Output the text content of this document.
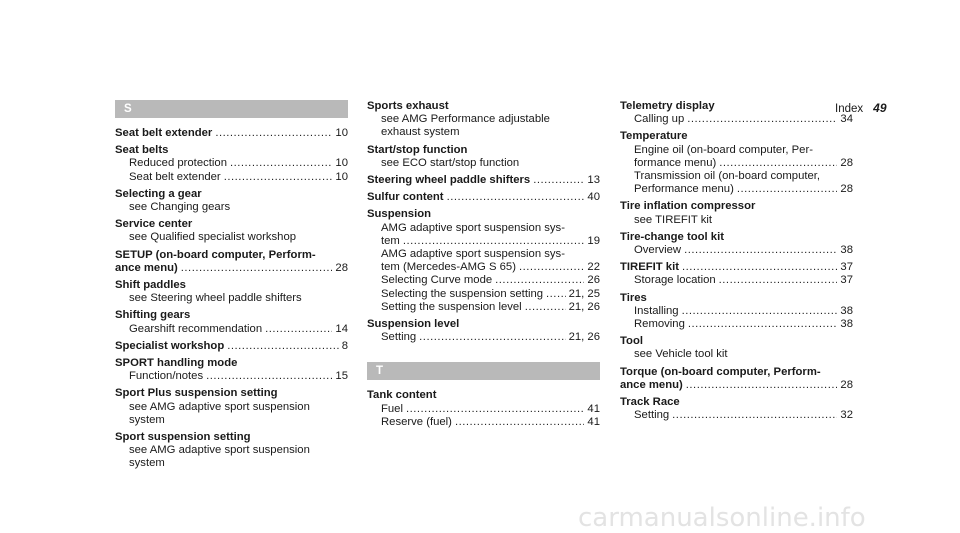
Index 49
S
Seat belt extender .....	10
Seat belts
Reduced protection .....	10
Seat belt extender .....	10
Selecting a gear
see Changing gears
Service center
see Qualified specialist workshop
SETUP (on-board computer, Perform-
ance menu) .....	28
Shift paddles
see Steering wheel paddle shifters
Shifting gears
Gearshift recommendation .....	14
Specialist workshop .....	8
SPORT handling mode
Function/notes .....	15
Sport Plus suspension setting
see AMG adaptive sport suspension system
Sport suspension setting
see AMG adaptive sport suspension system
Sports exhaust
see AMG Performance adjustable
exhaust system
Start/stop function
see ECO start/stop function
Steering wheel paddle shifters .....	13
Sulfur content .....	40
Suspension
AMG adaptive sport suspension sys-
tem .....	19
AMG adaptive sport suspension sys-
tem (Mercedes-AMG S 65) .....	22
Selecting Curve mode .....	26
Selecting the suspension setting ..... 21, 25
Setting the suspension level .....	21, 26
Suspension level
Setting .....	21, 26
T
Tank content
Fuel .....	41
Reserve (fuel) .....	41
Telemetry display
Calling up .....	34
Temperature
Engine oil (on-board computer, Per-
formance menu) .....	28
Transmission oil (on-board computer,
Performance menu) .....	28
Tire inflation compressor
see TIREFIT kit
Tire-change tool kit
Overview .....	38
TIREFIT kit .....	37
Storage location .....	37
Tires
Installing .....	38
Removing .....	38
Tool
see Vehicle tool kit
Torque (on-board computer, Perform-
ance menu) .....	28
Track Race
Setting .....	32
carmanualsonline.info
